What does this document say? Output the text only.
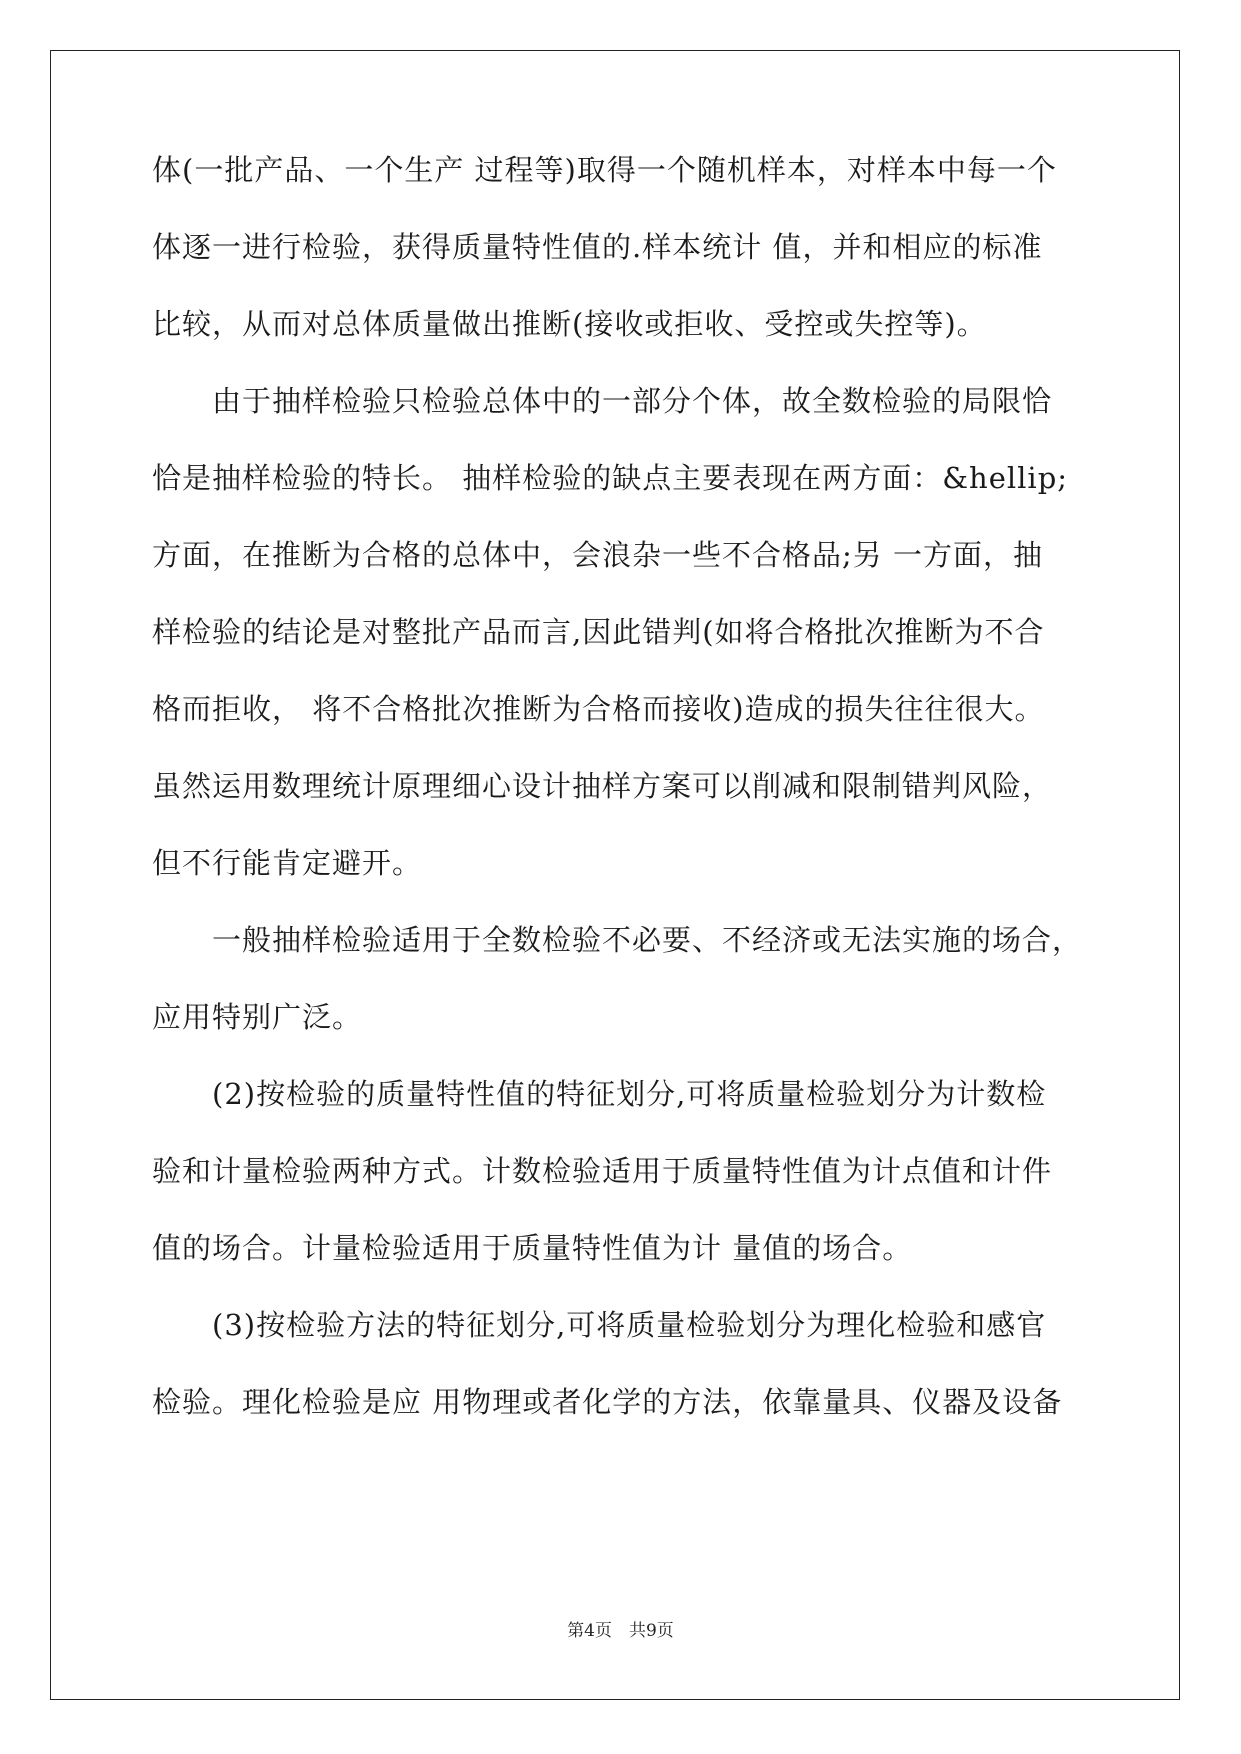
体(一批产品、一个生产 过程等)取得一个随机样本，对样本中每一个
体逐一进行检验，获得质量特性值的.样本统计 值，并和相应的标准
比较，从而对总体质量做出推断(接收或拒收、受控或失控等)。
　　由于抽样检验只检验总体中的一部分个体，故全数检验的局限恰
恰是抽样检验的特长。 抽样检验的缺点主要表现在两方面：&hellip;
方面，在推断为合格的总体中，会浪杂一些不合格品;另 一方面，抽
样检验的结论是对整批产品而言,因此错判(如将合格批次推断为不合
格而拒收， 将不合格批次推断为合格而接收)造成的损失往往很大。
虽然运用数理统计原理细心设计抽样方案可以削减和限制错判风险，
但不行能肯定避开。
　　一般抽样检验适用于全数检验不必要、不经济或无法实施的场合，
应用特别广泛。
　　(2)按检验的质量特性值的特征划分,可将质量检验划分为计数检
验和计量检验两种方式。计数检验适用于质量特性值为计点值和计件
值的场合。计量检验适用于质量特性值为计 量值的场合。
　　(3)按检验方法的特征划分,可将质量检验划分为理化检验和感官
检验。理化检验是应 用物理或者化学的方法，依靠量具、仪器及设备
第4页　共9页
